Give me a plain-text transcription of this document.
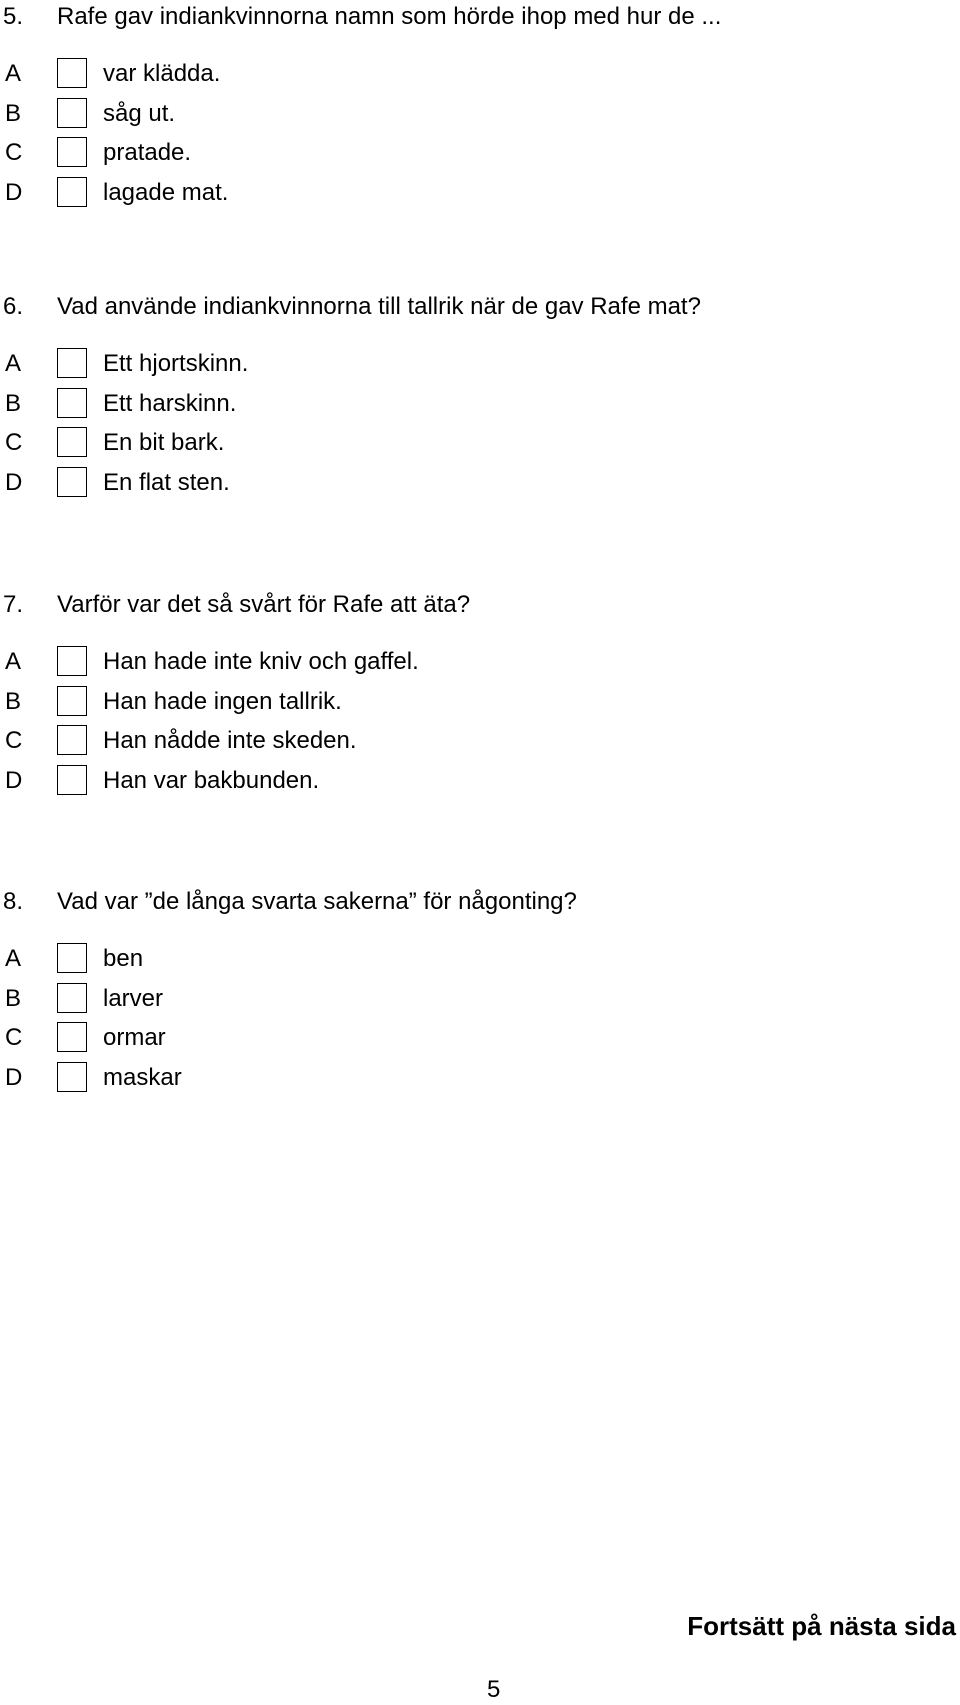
5. Rafe gav indiankvinnorna namn som hörde ihop med hur de ...
A	var klädda.
B	såg ut.
C	pratade.
D	lagade mat.
6. Vad använde indiankvinnorna till tallrik när de gav Rafe mat?
A	Ett hjortskinn.
B	Ett harskinn.
C	En bit bark.
D	En flat sten.
7. Varför var det så svårt för Rafe att äta?
A	Han hade inte kniv och gaffel.
B	Han hade ingen tallrik.
C	Han nådde inte skeden.
D	Han var bakbunden.
8. Vad var ”de långa svarta sakerna” för någonting?
A	ben
B	larver
C	ormar
D	maskar
Fortsätt på nästa sida
5
